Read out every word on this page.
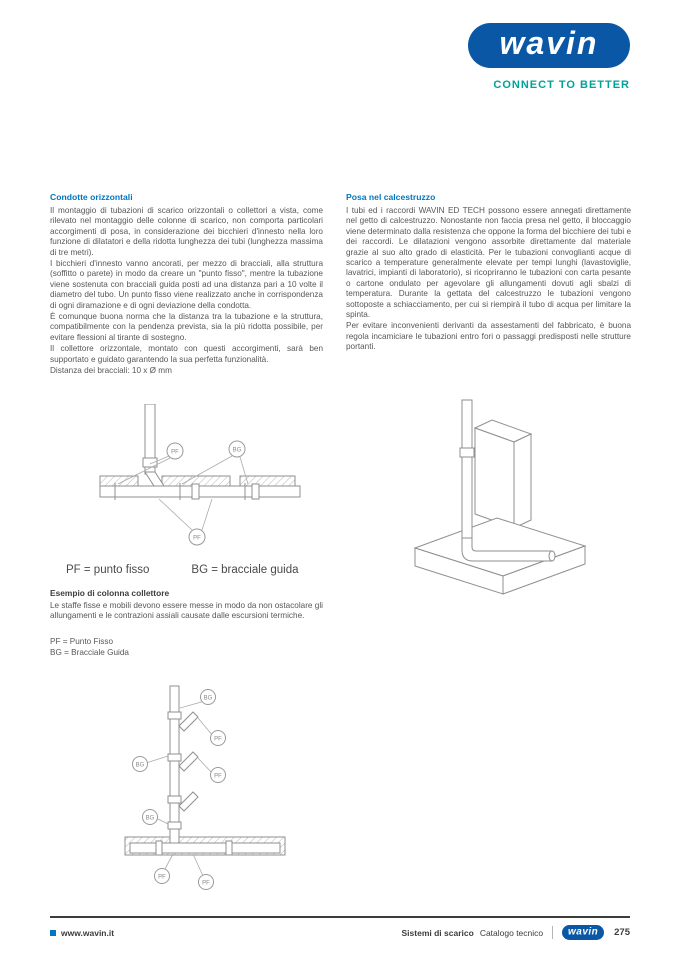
wavin
CONNECT TO BETTER
Condotte orizzontali

Il montaggio di tubazioni di scarico orizzontali o collettori a vista, come rilevato nel montaggio delle colonne di scarico, non comporta particolari accorgimenti di posa, in considerazione dei bicchieri d'innesto nella loro funzione di dilatatori e della ridotta lunghezza dei tubi (lunghezza massima di tre metri).

I bicchieri d'innesto vanno ancorati, per mezzo di bracciali, alla struttura (soffitto o parete) in modo da creare un "punto fisso", mentre la tubazione viene sostenuta con bracciali guida posti ad una distanza pari a 10 volte il diametro del tubo. Un punto fisso viene realizzato anche in corrispondenza di ogni diramazione e di ogni deviazione della condotta.

È comunque buona norma che la distanza tra la tubazione e la struttura, compatibilmente con la pendenza prevista, sia la più ridotta possibile, per evitare flessioni al tirante di sostegno.

Il collettore orizzontale, montato con questi accorgimenti, sarà ben supportato e guidato garantendo la sua perfetta funzionalità.

Distanza dei bracciali: 10 x Ø mm

PF	BG
PF
PF = punto fisso	BG = bracciale guida
Esempio di colonna collettore

Le staffe fisse e mobili devono essere messe in modo da non ostacolare gli allungamenti e le contrazioni assiali causate dalle escursioni termiche.

PF = Punto Fisso
BG = Bracciale Guida
BG
PF
BG
PF
BG
PF
PF
Posa nel calcestruzzo

I tubi ed i raccordi WAVIN ED TECH possono essere annegati direttamente nel getto di calcestruzzo. Nonostante non faccia presa nel getto, il bloccaggio viene determinato dalla resistenza che oppone la forma del bicchiere dei tubi e dei raccordi. Le dilatazioni vengono assorbite direttamente dal materiale grazie al suo alto grado di elasticità. Per le tubazioni convoglianti acque di scarico a temperature generalmente elevate per tempi lunghi (lavastoviglie, lavatrici, impianti di laboratorio), si ricopriranno le tubazioni con carta pesante o cartone ondulato per agevolare gli allungamenti dovuti agli sbalzi di temperatura. Durante la gettata del calcestruzzo le tubazioni vengono sottoposte a schiacciamento, per cui si riempirà il tubo di acqua per limitare la spinta.

Per evitare inconvenienti derivanti da assestamenti del fabbricato, è buona regola incamiciare le tubazioni entro fori o passaggi predisposti nelle strutture portanti.

www.wavin.it	Sistemi di scarico Catalogo tecnico wavin 275
